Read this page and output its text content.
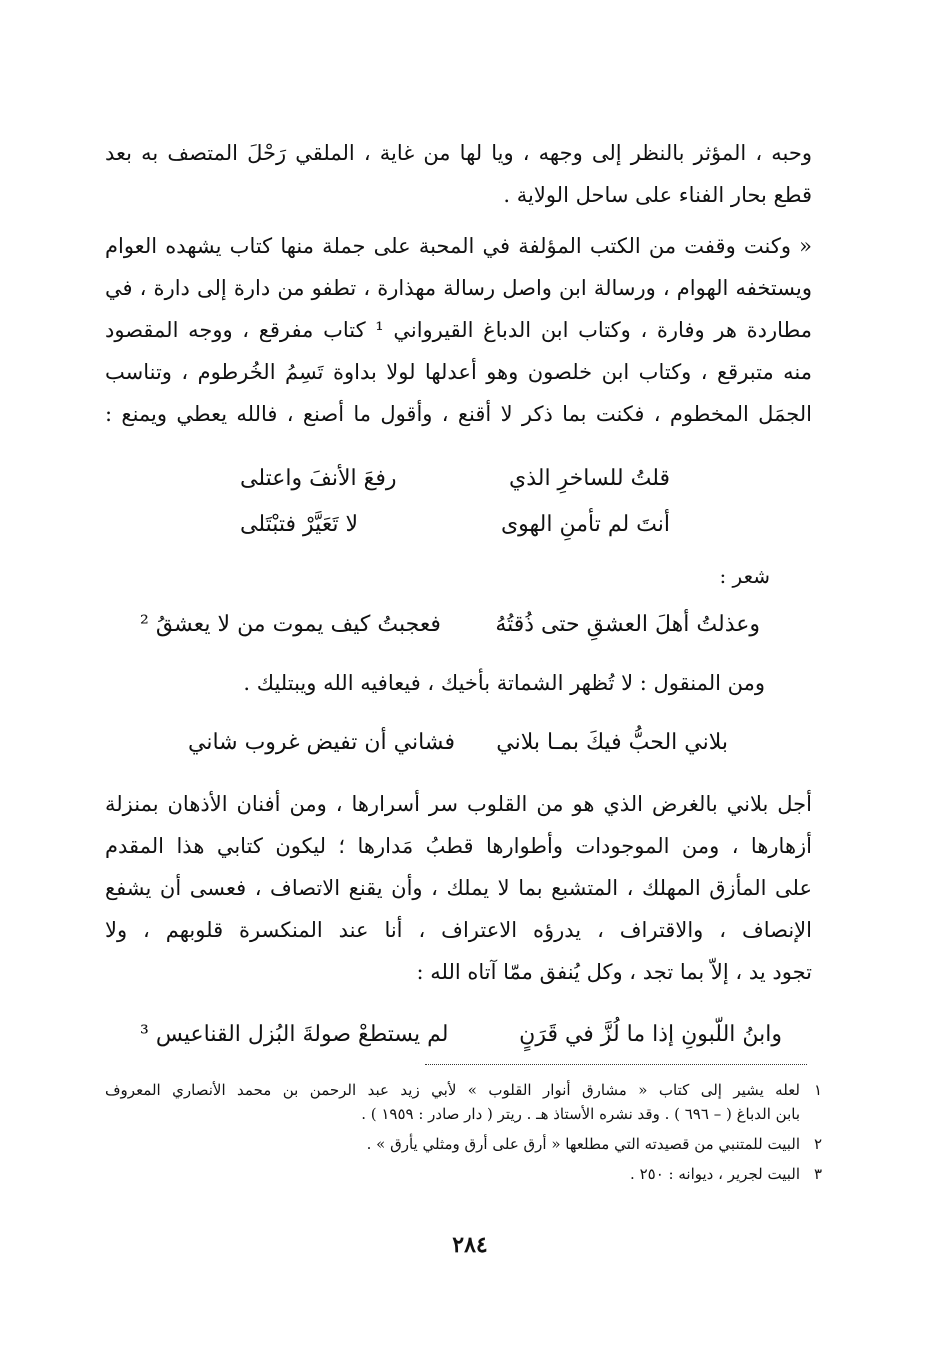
وحبه ، المؤثر بالنظر إلى وجهه ، ويا لها من غاية ، الملقي رَحْلَ المتصف به بعد
قطع بحار الفناء على ساحل الولاية .
« وكنت وقفت من الكتب المؤلفة في المحبة على جملة منها كتاب يشهده العوام
ويستخفه الهوام ، ورسالة ابن واصل رسالة مهذارة ، تطفو من دارة إلى دارة ، في
مطاردة هر وفارة ، وكتاب ابن الدباغ القيرواني ¹ كتاب مفرقع ، ووجه المقصود
منه متبرقع ، وكتاب ابن خلصون وهو أعدلها لولا بداوة تَسِمُ الخُرطوم ، وتناسب
الجمَل المخطوم ، فكنت بما ذكر لا أقنع ، وأقول ما أصنع ، فالله يعطي ويمنع :
قلتُ للساخرِ الذي
رفعَ الأنفَ واعتلى
أنتَ لم تأمنِ الهوى
لا تَعَيَّرْ فتبْتَلى
شعر :
وعذلتُ أهلَ العشقِ حتى ذُقتُهُ
فعجبتُ كيف يموت من لا يعشقُ ²
ومن المنقول : لا تُظهر الشماتة بأخيك ، فيعافيه الله ويبتليك .
بلاني الحبُّ فيكَ بمـا بلاني
فشاني أن تفيض غروب شاني
أجل بلاني بالغرض الذي هو من القلوب سر أسرارها ، ومن أفنان الأذهان بمنزلة
أزهارها ، ومن الموجودات وأطوارها قطبُ مَدارها ؛ ليكون كتابي هذا المقدم
على المأزق المهلك ، المتشبع بما لا يملك ، وأن يقنع الاتصاف ، فعسى أن يشفع
الإنصاف ، والاقتراف ، يدرؤه الاعتراف ، أنا عند المنكسرة قلوبهم ، ولا
تجود يد ، إلاّ بما تجد ، وكل يُنفق ممّا آتاه الله :
وابنُ اللّبونِ إذا ما لُزَّ في قَرَنٍ
لم يستطعْ صولةَ البُزل القناعيس ³
١
لعله يشير إلى كتاب « مشارق أنوار القلوب » لأبي زيد عبد الرحمن بن محمد الأنصاري المعروف
بابن الدباغ ( – ٦٩٦ ) . وقد نشره الأستاذ هـ . ريتر ( دار صادر : ١٩٥٩ ) .
٢
البيت للمتنبي من قصيدته التي مطلعها « أرق على أرق ومثلي يأرق » .
٣
البيت لجرير ، ديوانه : ٢٥٠ .
٢٨٤
